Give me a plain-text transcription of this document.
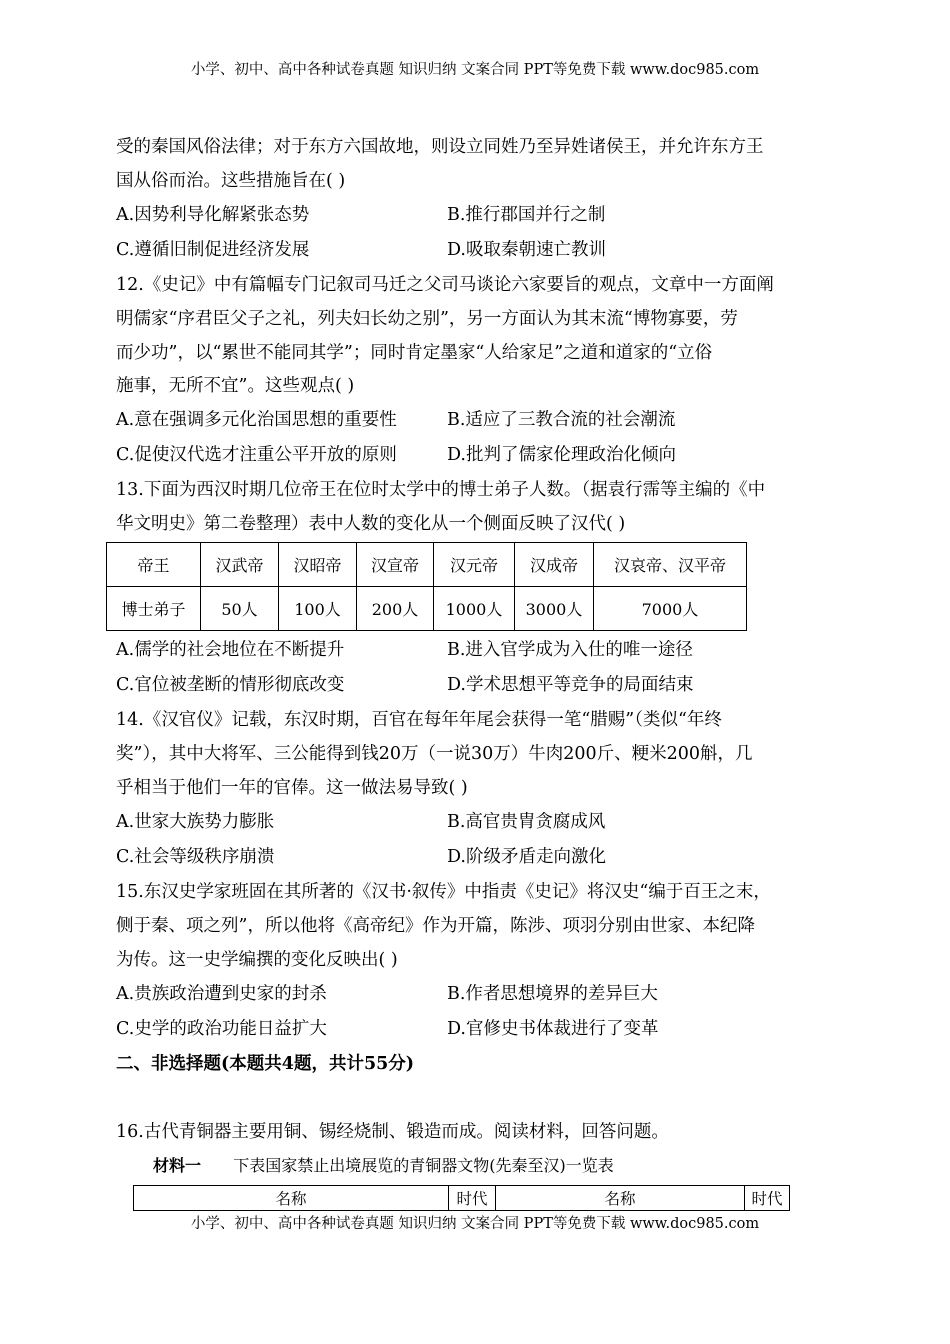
小学、初中、高中各种试卷真题 知识归纳 文案合同 PPT等免费下载 www.doc985.com
受的秦国风俗法律；对于东方六国故地，则设立同姓乃至异姓诸侯王，并允许东方王
国从俗而治。这些措施旨在( )
A.因势利导化解紧张态势	B.推行郡国并行之制
C.遵循旧制促进经济发展	D.吸取秦朝速亡教训
12.《史记》中有篇幅专门记叙司马迁之父司马谈论六家要旨的观点，文章中一方面阐
明儒家“序君臣父子之礼，列夫妇长幼之别”，另一方面认为其末流“博物寡要，劳
而少功”，以“累世不能同其学”；同时肯定墨家“人给家足”之道和道家的“立俗
施事，无所不宜”。这些观点( )
A.意在强调多元化治国思想的重要性	B.适应了三教合流的社会潮流
C.促使汉代选才注重公平开放的原则	D.批判了儒家伦理政治化倾向
13.下面为西汉时期几位帝王在位时太学中的博士弟子人数。（据袁行霈等主编的《中
华文明史》第二卷整理）表中人数的变化从一个侧面反映了汉代( )
帝王	汉武帝	汉昭帝	汉宣帝	汉元帝	汉成帝	汉哀帝、汉平帝
博士弟子	50人	100人	200人	1000人	3000人	7000人
A.儒学的社会地位在不断提升	B.进入官学成为入仕的唯一途径
C.官位被垄断的情形彻底改变	D.学术思想平等竞争的局面结束
14.《汉官仪》记载，东汉时期，百官在每年年尾会获得一笔“腊赐”（类似“年终
奖”），其中大将军、三公能得到钱20万（一说30万）牛肉200斤、粳米200斛，几
乎相当于他们一年的官俸。这一做法易导致( )
A.世家大族势力膨胀	B.高官贵胄贪腐成风
C.社会等级秩序崩溃	D.阶级矛盾走向激化
15.东汉史学家班固在其所著的《汉书·叙传》中指责《史记》将汉史“编于百王之末，
侧于秦、项之列”，所以他将《高帝纪》作为开篇，陈涉、项羽分别由世家、本纪降
为传。这一史学编撰的变化反映出( )
A.贵族政治遭到史家的封杀	B.作者思想境界的差异巨大
C.史学的政治功能日益扩大	D.官修史书体裁进行了变革
二、非选择题(本题共4题，共计55分)
16.古代青铜器主要用铜、锡经烧制、锻造而成。阅读材料，回答问题。
材料一 下表国家禁止出境展览的青铜器文物(先秦至汉)一览表
名称	时代	名称	时代
小学、初中、高中各种试卷真题 知识归纳 文案合同 PPT等免费下载 www.doc985.com
